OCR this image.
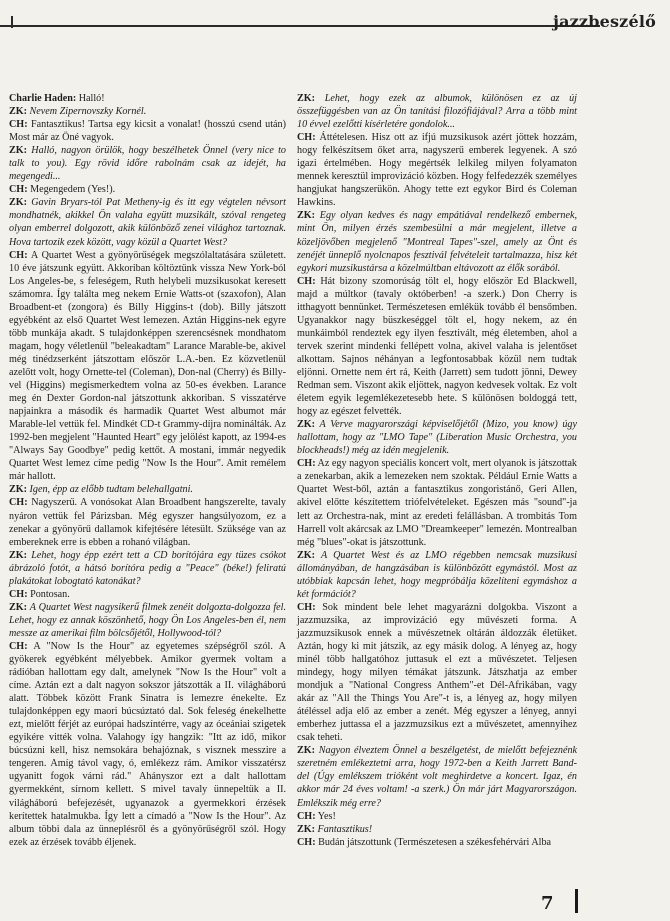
jazzbeszélő

Charlie Haden: Halló!

ZK: Nevem Zipernovszky Kornél.

CH: Fantasztikus! Tartsa egy kicsit a vonalat! (hosszú csend után) Most már az Öné vagyok.

ZK: Halló, nagyon örülök, hogy beszélhetek Önnel (very nice to talk to you). Egy rövid időre rabolnám csak az idejét, ha megengedi...

CH: Megengedem (Yes!).

ZK: Gavin Bryars-tól Pat Metheny-ig és itt egy végtelen névsort mondhatnék, akikkel Ön valaha együtt muzsikált, szóval rengeteg olyan emberrel dolgozott, akik különböző zenei világhoz tartoznak. Hova tartozik ezek között, vagy közül a Quartet West?

CH: A Quartet West a gyönyörűségek megszólaltatására született. 10 éve játszunk együtt. Akkoriban költöztünk vissza New York-ból Los Angeles-be, s feleségem, Ruth helybeli muzsikusokat keresett számomra. Így találta meg nekem Ernie Watts-ot (szaxofon), Alan Broadbent-et (zongora) és Billy Higgins-t (dob). Billy játszott egyébként az első Quartet West lemezen. Aztán Higgins-nek egyre több munkája akadt. S tulajdonképpen szerencsésnek mondhatom magam, hogy véletlenül "beleakadtam" Larance Marable-be, akivel még tinédzserként játszottam először L.A.-ben. Ez közvetlenül azelőtt volt, hogy Ornette-tel (Coleman), Don-nal (Cherry) és Billy-vel (Higgins) megismerkedtem volna az 50-es években. Larance meg én Dexter Gordon-nal játszottunk akkoriban. S visszatérve napjainkra a második és harmadik Quartet West albumot már Marable-lel vettük fel. Mindkét CD-t Grammy-díjra nominálták. Az 1992-ben megjelent "Haunted Heart" egy jelölést kapott, az 1994-es "Always Say Goodbye" pedig kettőt. A mostani, immár negyedik Quartet West lemez címe pedig "Now Is the Hour". Amit remélem már hallott.

ZK: Igen, épp az előbb tudtam belehallgatni.

CH: Nagyszerű. A vonósokat Alan Broadbent hangszerelte, tavaly nyáron vettük fel Párizsban. Még egyszer hangsúlyozom, ez a zenekar a gyönyörű dallamok kifejtésére létesült. Szüksége van az embereknek erre is ebben a rohanó világban.

ZK: Lehet, hogy épp ezért tett a CD borítójára egy tüzes csókot ábrázoló fotót, a hátsó borítóra pedig a "Peace" (béke!) feliratú plakátokat lobogtató katonákat?

CH: Pontosan.

ZK: A Quartet West nagysikerű filmek zenéit dolgozta-dolgozza fel. Lehet, hogy ez annak köszönhető, hogy Ön Los Angeles-ben él, nem messze az amerikai film bölcsőjétől, Hollywood-tól?

CH: A "Now Is the Hour" az egyetemes szépségről szól. A gyökerek egyébként mélyebbek. Amikor gyermek voltam a rádióban hallottam egy dalt, amelynek "Now Is the Hour" volt a címe. Aztán ezt a dalt nagyon sokszor játszották a II. világháború alatt. Többek között Frank Sinatra is lemezre énekelte. Ez tulajdonképpen egy maori búcsúztató dal. Sok feleség énekelhette ezt, mielőtt férjét az európai hadszíntérre, vagy az óceániai szigetek egyikére vitték volna. Valahogy így hangzik: "Itt az idő, mikor búcsúzni kell, hisz nemsokára behajóznak, s visznek messzire a tengeren. Amíg távol vagy, ó, emlékezz rám. Amikor visszatérsz ugyanitt fogok várni rád." Ahányszor ezt a dalt hallottam gyermekként, sírnom kellett. S mivel tavaly ünnepeltük a II. világháború befejezését, ugyanazok a gyermekkori érzések kerítettek hatalmukba. Így lett a címadó a "Now Is the Hour". Az album többi dala az ünneplésről és a gyönyörűségről szól. Hogy ezek az érzések tovább éljenek.

ZK: Lehet, hogy ezek az albumok, különösen ez az új összefüggésben van az Ön tanítási filozófiájával? Arra a több mint 10 évvel ezelőtti kísérletére gondolok...

CH: Áttételesen. Hisz ott az ifjú muzsikusok azért jöttek hozzám, hogy felkészítsem őket arra, nagyszerű emberek legyenek. A szó igazi értelmében. Hogy megértsék lelkileg milyen folyamaton mennek keresztül improvizáció közben. Hogy felfedezzék személyes hangjukat hangszerükön. Ahogy tette ezt egykor Bird és Coleman Hawkins.

ZK: Egy olyan kedves és nagy empátiával rendelkező embernek, mint Ön, milyen érzés szembesülni a már megjelent, illetve a közeljövőben megjelenő "Montreal Tapes"-szel, amely az Önt és zenéjét ünneplő nyolcnapos fesztivál felvételeit tartalmazza, hisz két egykori muzsikustársa a közelmúltban eltávozott az élők sorából.

CH: Hát bizony szomorúság tölt el, hogy először Ed Blackwell, majd a múltkor (tavaly októberben! -a szerk.) Don Cherry is itthagyott bennünket. Természetesen emlékük tovább él bensőmben. Ugyanakkor nagy büszkeséggel tölt el, hogy nekem, az én munkáimból rendeztek egy ilyen fesztivált, még életemben, ahol a tervek szerint mindenki fellépett volna, akivel valaha is jelentőset alkottam. Sajnos néhányan a legfontosabbak közül nem tudtak eljönni. Ornette nem ért rá, Keith (Jarrett) sem tudott jönni, Dewey Redman sem. Viszont akik eljöttek, nagyon kedvesek voltak. Ez volt életem egyik legemlékezetesebb hete. S különösen boldoggá tett, hogy az egészet felvették.

ZK: A Verve magyarországi képviselőjétől (Mizo, you know) úgy hallottam, hogy az "LMO Tape" (Liberation Music Orchestra, you blockheads!) még az idén megjelenik.

CH: Az egy nagyon speciális koncert volt, mert olyanok is játszottak a zenekarban, akik a lemezeken nem szoktak. Például Ernie Watts a Quartet West-ből, aztán a fantasztikus zongoristánő, Geri Allen, akivel előtte készítettem triófelvételeket. Egészen más "sound"-ja lett az Orchestra-nak, mint az eredeti felállásban. A trombitás Tom Harrell volt akárcsak az LMO "Dreamkeeper" lemezén. Montrealban még "blues"-okat is játszottunk.

ZK: A Quartet West és az LMO régebben nemcsak muzsikusi állományában, de hangzásában is különbözött egymástól. Most az utóbbiak kapcsán lehet, hogy megpróbálja közelíteni egymáshoz a két formációt?

CH: Sok mindent bele lehet magyarázni dolgokba. Viszont a jazzmuzsika, az improvizáció egy művészeti forma. A jazzmuzsikusok ennek a művészetnek oltárán áldozzák életüket. Aztán, hogy ki mit játszik, az egy másik dolog. A lényeg az, hogy minél több hallgatóhoz juttasuk el ezt a művészetet. Teljesen mindegy, hogy milyen témákat játszunk. Játszhatja az ember mondjuk a "National Congress Anthem"-et Dél-Afrikában, vagy akár az "All the Things You Are"-t is, a lényeg az, hogy milyen átéléssel adja elő az ember a zenét. Még egyszer a lényeg, annyi emberhez juttassa el a jazzmuzsikus ezt a művészetet, amennyihez csak teheti.

ZK: Nagyon élveztem Önnel a beszélgetést, de mielőtt befejeznénk szeretném emlékeztetni arra, hogy 1972-ben a Keith Jarrett Band-del (Úgy emlékszem trióként volt meghirdetve a koncert. Igaz, én akkor már 24 éves voltam! -a szerk.) Ön már járt Magyarországon. Emlékszik még erre?

CH: Yes!

ZK: Fantasztikus!

CH: Budán játszottunk (Természetesen a székesfehérvári Alba

7
